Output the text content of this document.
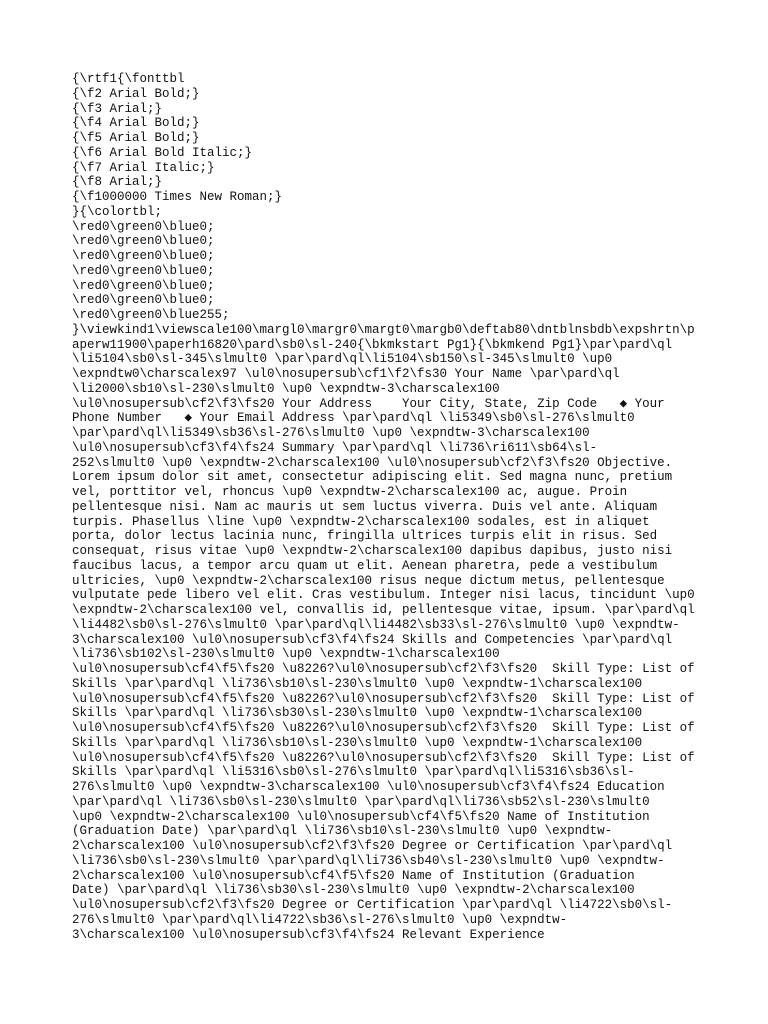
{\rtf1{\fonttbl
{\f2 Arial Bold;}
{\f3 Arial;}
{\f4 Arial Bold;}
{\f5 Arial Bold;}
{\f6 Arial Bold Italic;}
{\f7 Arial Italic;}
{\f8 Arial;}
{\f1000000 Times New Roman;}
}{\colortbl;
\red0\green0\blue0;
\red0\green0\blue0;
\red0\green0\blue0;
\red0\green0\blue0;
\red0\green0\blue0;
\red0\green0\blue0;
\red0\green0\blue255;
}\viewkind1\viewscale100\margl0\margr0\margt0\margb0\deftab80\dntblnsbdb\expshrtn\p
aperw11900\paperh16820\pard\sb0\sl-240{\bkmkstart Pg1}{\bkmkend Pg1}\par\pard\ql
\li5104\sb0\sl-345\slmult0 \par\pard\ql\li5104\sb150\sl-345\slmult0 \up0
\expndtw0\charscalex97 \ul0\nosupersub\cf1\f2\fs30 Your Name \par\pard\ql
\li2000\sb10\sl-230\slmult0 \up0 \expndtw-3\charscalex100
\ul0\nosupersub\cf2\f3\fs20 Your Address    Your City, State, Zip Code   ◆ Your
Phone Number   ◆ Your Email Address \par\pard\ql \li5349\sb0\sl-276\slmult0
\par\pard\ql\li5349\sb36\sl-276\slmult0 \up0 \expndtw-3\charscalex100
\ul0\nosupersub\cf3\f4\fs24 Summary \par\pard\ql \li736\ri611\sb64\sl-
252\slmult0 \up0 \expndtw-2\charscalex100 \ul0\nosupersub\cf2\f3\fs20 Objective.
Lorem ipsum dolor sit amet, consectetur adipiscing elit. Sed magna nunc, pretium
vel, porttitor vel, rhoncus \up0 \expndtw-2\charscalex100 ac, augue. Proin
pellentesque nisi. Nam ac mauris ut sem luctus viverra. Duis vel ante. Aliquam
turpis. Phasellus \line \up0 \expndtw-2\charscalex100 sodales, est in aliquet
porta, dolor lectus lacinia nunc, fringilla ultrices turpis elit in risus. Sed
consequat, risus vitae \up0 \expndtw-2\charscalex100 dapibus dapibus, justo nisi
faucibus lacus, a tempor arcu quam ut elit. Aenean pharetra, pede a vestibulum
ultricies, \up0 \expndtw-2\charscalex100 risus neque dictum metus, pellentesque
vulputate pede libero vel elit. Cras vestibulum. Integer nisi lacus, tincidunt \up0
\expndtw-2\charscalex100 vel, convallis id, pellentesque vitae, ipsum. \par\pard\ql
\li4482\sb0\sl-276\slmult0 \par\pard\ql\li4482\sb33\sl-276\slmult0 \up0 \expndtw-
3\charscalex100 \ul0\nosupersub\cf3\f4\fs24 Skills and Competencies \par\pard\ql
\li736\sb102\sl-230\slmult0 \up0 \expndtw-1\charscalex100
\ul0\nosupersub\cf4\f5\fs20 \u8226?\ul0\nosupersub\cf2\f3\fs20  Skill Type: List of
Skills \par\pard\ql \li736\sb10\sl-230\slmult0 \up0 \expndtw-1\charscalex100
\ul0\nosupersub\cf4\f5\fs20 \u8226?\ul0\nosupersub\cf2\f3\fs20  Skill Type: List of
Skills \par\pard\ql \li736\sb30\sl-230\slmult0 \up0 \expndtw-1\charscalex100
\ul0\nosupersub\cf4\f5\fs20 \u8226?\ul0\nosupersub\cf2\f3\fs20  Skill Type: List of
Skills \par\pard\ql \li736\sb10\sl-230\slmult0 \up0 \expndtw-1\charscalex100
\ul0\nosupersub\cf4\f5\fs20 \u8226?\ul0\nosupersub\cf2\f3\fs20  Skill Type: List of
Skills \par\pard\ql \li5316\sb0\sl-276\slmult0 \par\pard\ql\li5316\sb36\sl-
276\slmult0 \up0 \expndtw-3\charscalex100 \ul0\nosupersub\cf3\f4\fs24 Education
\par\pard\ql \li736\sb0\sl-230\slmult0 \par\pard\ql\li736\sb52\sl-230\slmult0
\up0 \expndtw-2\charscalex100 \ul0\nosupersub\cf4\f5\fs20 Name of Institution
(Graduation Date) \par\pard\ql \li736\sb10\sl-230\slmult0 \up0 \expndtw-
2\charscalex100 \ul0\nosupersub\cf2\f3\fs20 Degree or Certification \par\pard\ql
\li736\sb0\sl-230\slmult0 \par\pard\ql\li736\sb40\sl-230\slmult0 \up0 \expndtw-
2\charscalex100 \ul0\nosupersub\cf4\f5\fs20 Name of Institution (Graduation
Date) \par\pard\ql \li736\sb30\sl-230\slmult0 \up0 \expndtw-2\charscalex100
\ul0\nosupersub\cf2\f3\fs20 Degree or Certification \par\pard\ql \li4722\sb0\sl-
276\slmult0 \par\pard\ql\li4722\sb36\sl-276\slmult0 \up0 \expndtw-
3\charscalex100 \ul0\nosupersub\cf3\f4\fs24 Relevant Experience
